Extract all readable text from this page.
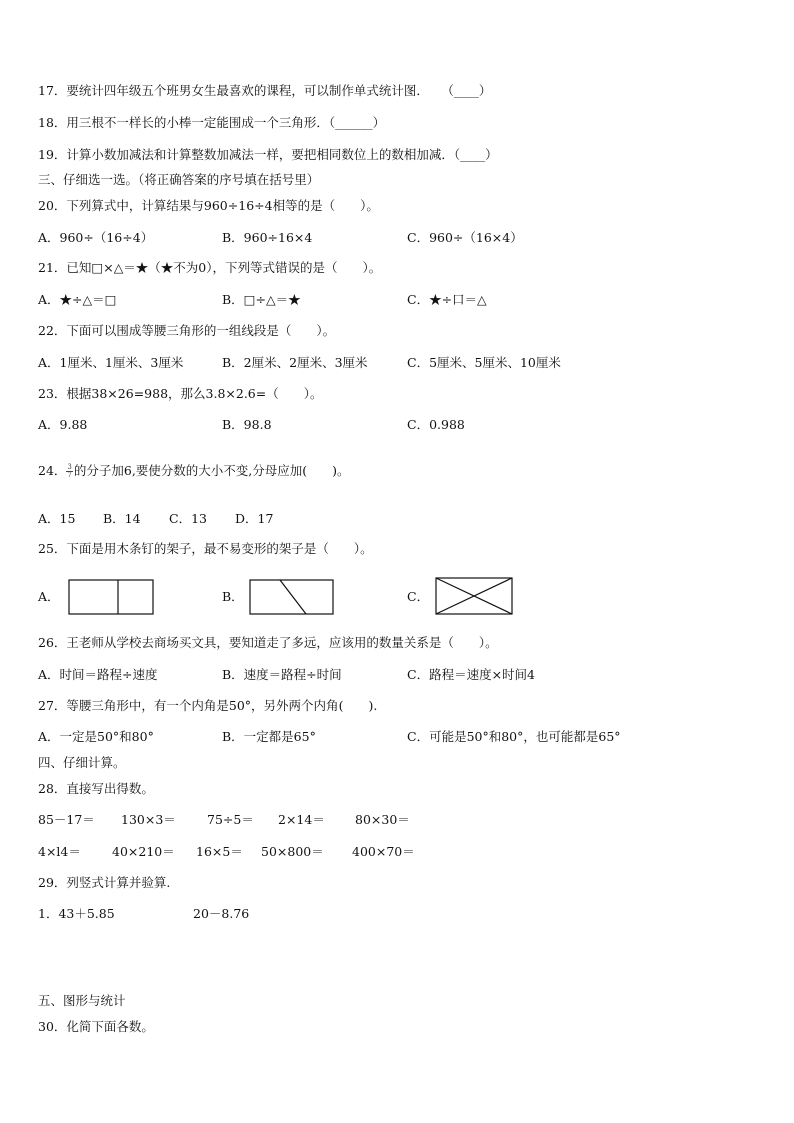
17．要统计四年级五个班男女生最喜欢的课程，可以制作单式统计图．　　（____）
18．用三根不一样长的小棒一定能围成一个三角形．（______）
19．计算小数加减法和计算整数加减法一样，要把相同数位上的数相加减．（____）
三、仔细选一选。（将正确答案的序号填在括号里）
20．下列算式中，计算结果与960÷16÷4相等的是（　　）。
A．960÷（16÷4）	B．960÷16×4	C．960÷（16×4）
21．已知□×△＝★（★不为0），下列等式错误的是（　　）。
A．★÷△＝□	B．□÷△＝★	C．★÷口＝△
22．下面可以围成等腰三角形的一组线段是（　　）。
A．1厘米、1厘米、3厘米	B．2厘米、2厘米、3厘米	C．5厘米、5厘米、10厘米
23．根据38×26=988，那么3.8×2.6=（　　）。
A．9.88	B．98.8	C．0.988
24． $\frac{3}{7}$ 的分子加6,要使分数的大小不变,分母应加(　　)。
A．15 B．14 C．13 D．17
25．下面是用木条钉的架子，最不易变形的架子是（　　）。
A．	B．	C．
26．王老师从学校去商场买文具，要知道走了多远，应该用的数量关系是（　　）。
A．时间＝路程÷速度	B．速度＝路程÷时间	C．路程＝速度×时间4
27．等腰三角形中，有一个内角是50°，另外两个内角(　　).
A．一定是50°和80°	B．一定都是65°	C．可能是50°和80°，也可能都是65°
四、仔细计算。
28．直接写出得数。
85－17＝ 130×3＝ 75÷5＝ 2×14＝ 80×30＝
4×l4＝ 40×210＝ 16×5＝ 50×800＝ 400×70＝
29．列竖式计算并验算.
1．43＋5.85	20－8.76
五、图形与统计
30．化简下面各数。
